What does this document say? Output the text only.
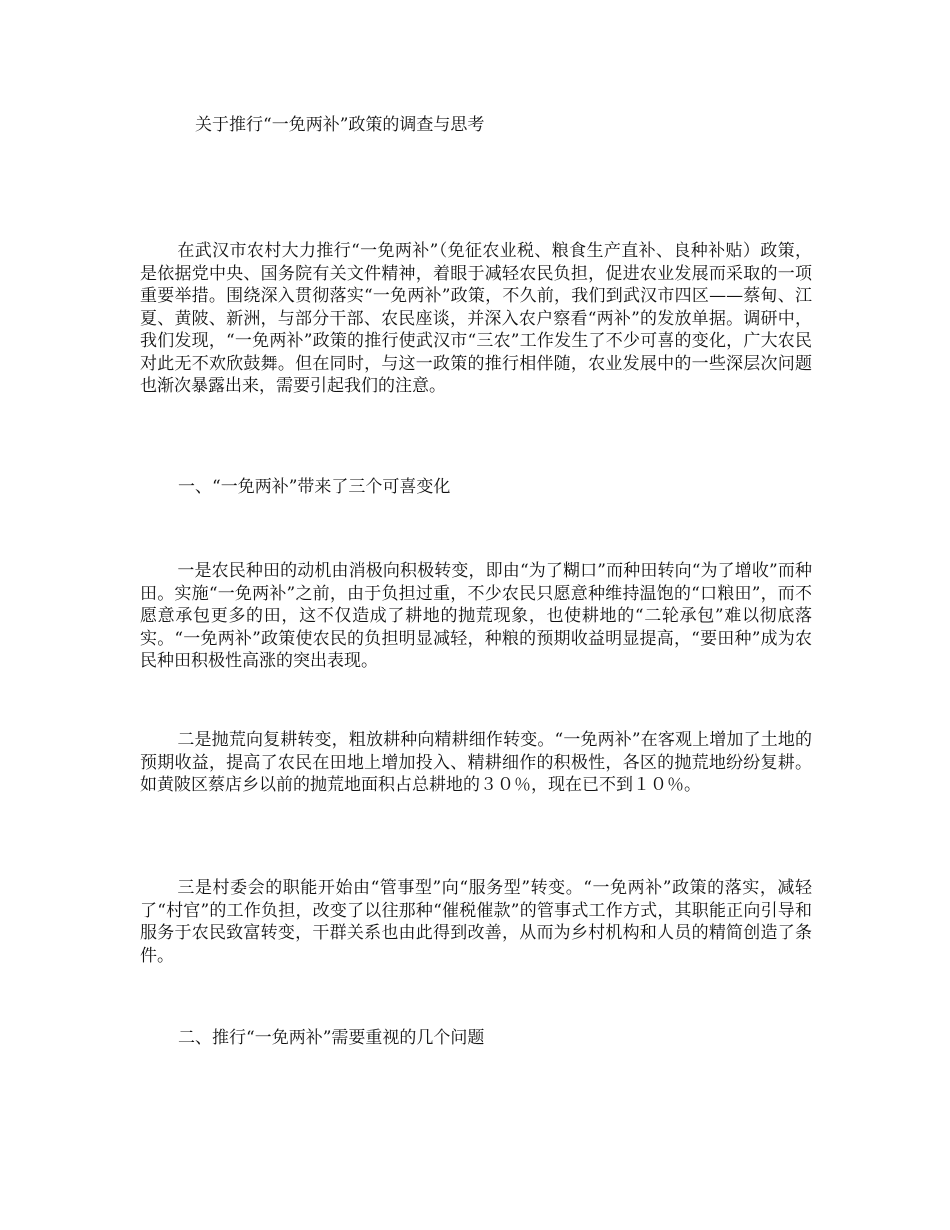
关于推行“一免两补”政策的调查与思考

在武汉市农村大力推行“一免两补”（免征农业税、粮食生产直补、良种补贴）政策，是依据党中央、国务院有关文件精神，着眼于减轻农民负担，促进农业发展而采取的一项重要举措。围绕深入贯彻落实“一免两补”政策，不久前，我们到武汉市四区——蔡甸、江夏、黄陂、新洲，与部分干部、农民座谈，并深入农户察看“两补”的发放单据。调研中，我们发现，“一免两补”政策的推行使武汉市“三农”工作发生了不少可喜的变化，广大农民对此无不欢欣鼓舞。但在同时，与这一政策的推行相伴随，农业发展中的一些深层次问题也渐次暴露出来，需要引起我们的注意。

一、“一免两补”带来了三个可喜变化

一是农民种田的动机由消极向积极转变，即由“为了糊口”而种田转向“为了增收”而种田。实施“一免两补”之前，由于负担过重，不少农民只愿意种维持温饱的“口粮田”，而不愿意承包更多的田，这不仅造成了耕地的抛荒现象，也使耕地的“二轮承包”难以彻底落实。“一免两补”政策使农民的负担明显减轻，种粮的预期收益明显提高，“要田种”成为农民种田积极性高涨的突出表现。

二是抛荒向复耕转变，粗放耕种向精耕细作转变。“一免两补”在客观上增加了土地的预期收益，提高了农民在田地上增加投入、精耕细作的积极性，各区的抛荒地纷纷复耕。如黄陂区蔡店乡以前的抛荒地面积占总耕地的３０％，现在已不到１０％。

三是村委会的职能开始由“管事型”向“服务型”转变。“一免两补”政策的落实，减轻了“村官”的工作负担，改变了以往那种“催税催款”的管事式工作方式，其职能正向引导和服务于农民致富转变，干群关系也由此得到改善，从而为乡村机构和人员的精简创造了条件。

二、推行“一免两补”需要重视的几个问题
